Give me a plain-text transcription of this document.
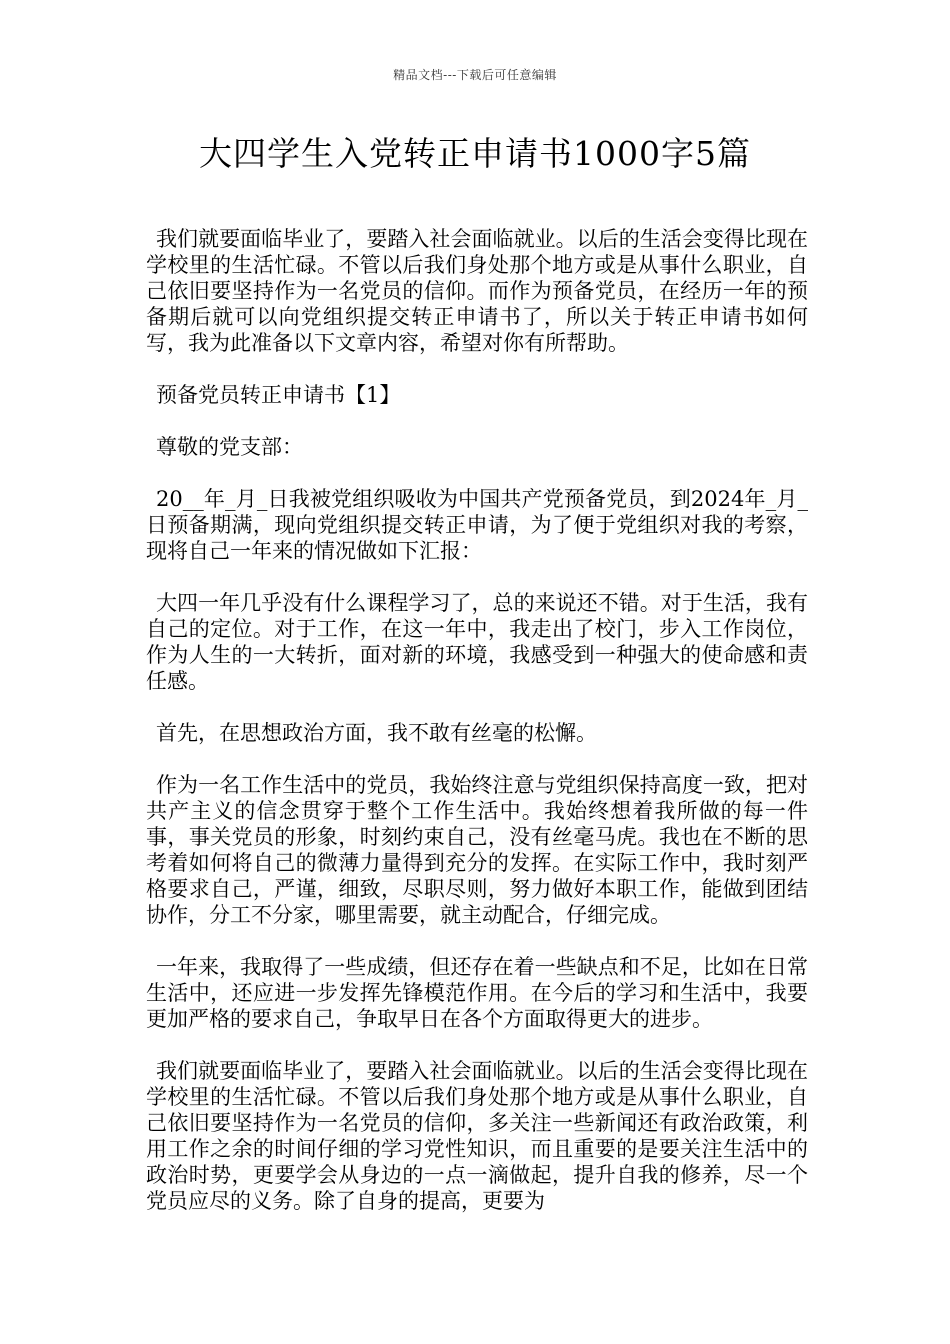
精品文档---下载后可任意编辑
大四学生入党转正申请书1000字5篇

我们就要面临毕业了，要踏入社会面临就业。以后的生活会变得比现在学校里的生活忙碌。不管以后我们身处那个地方或是从事什么职业，自己依旧要坚持作为一名党员的信仰。而作为预备党员，在经历一年的预备期后就可以向党组织提交转正申请书了，所以关于转正申请书如何写，我为此准备以下文章内容，希望对你有所帮助。

预备党员转正申请书【1】

尊敬的党支部：

20__年_月_日我被党组织吸收为中国共产党预备党员，到2024年_月_日预备期满，现向党组织提交转正申请，为了便于党组织对我的考察，现将自己一年来的情况做如下汇报：

大四一年几乎没有什么课程学习了，总的来说还不错。对于生活，我有自己的定位。对于工作，在这一年中，我走出了校门，步入工作岗位，作为人生的一大转折，面对新的环境，我感受到一种强大的使命感和责任感。

首先，在思想政治方面，我不敢有丝毫的松懈。

作为一名工作生活中的党员，我始终注意与党组织保持高度一致，把对共产主义的信念贯穿于整个工作生活中。我始终想着我所做的每一件事，事关党员的形象，时刻约束自己，没有丝毫马虎。我也在不断的思考着如何将自己的微薄力量得到充分的发挥。在实际工作中，我时刻严格要求自己，严谨，细致，尽职尽则，努力做好本职工作，能做到团结协作，分工不分家，哪里需要，就主动配合，仔细完成。

一年来，我取得了一些成绩，但还存在着一些缺点和不足，比如在日常生活中，还应进一步发挥先锋模范作用。在今后的学习和生活中，我要更加严格的要求自己，争取早日在各个方面取得更大的进步。

我们就要面临毕业了，要踏入社会面临就业。以后的生活会变得比现在学校里的生活忙碌。不管以后我们身处那个地方或是从事什么职业，自己依旧要坚持作为一名党员的信仰，多关注一些新闻还有政治政策，利用工作之余的时间仔细的学习党性知识，而且重要的是要关注生活中的政治时势，更要学会从身边的一点一滴做起，提升自我的修养，尽一个党员应尽的义务。除了自身的提高，更要为
